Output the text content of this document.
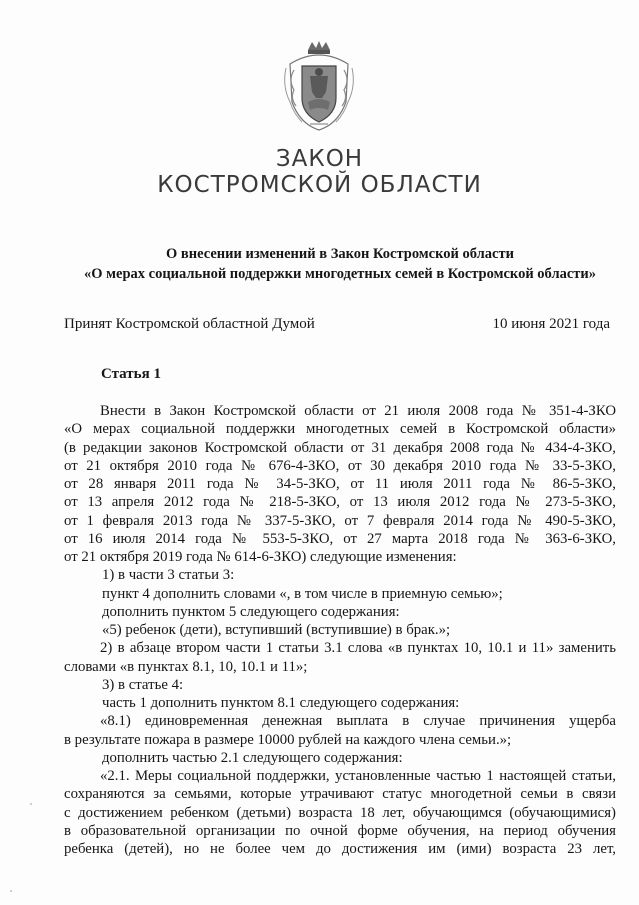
ЗАКОН
КОСТРОМСКОЙ ОБЛАСТИ
О внесении изменений в Закон Костромской области
«О мерах социальной поддержки многодетных семей в Костромской области»
Принят Костромской областной Думой	10 июня 2021 года
Статья 1

Внести в Закон Костромской области от 21 июля 2008 года № 351-4-ЗКО

«О мерах социальной поддержки многодетных семей в Костромской области»

(в редакции законов Костромской области от 31 декабря 2008 года № 434-4-ЗКО,

от 21 октября 2010 года № 676-4-ЗКО, от 30 декабря 2010 года № 33-5-ЗКО,

от 28 января 2011 года № 34-5-ЗКО, от 11 июля 2011 года № 86-5-ЗКО,

от 13 апреля 2012 года № 218-5-ЗКО, от 13 июля 2012 года № 273-5-ЗКО,

от 1 февраля 2013 года № 337-5-ЗКО, от 7 февраля 2014 года № 490-5-ЗКО,

от 16 июля 2014 года № 553-5-ЗКО, от 27 марта 2018 года № 363-6-ЗКО,

от 21 октября 2019 года № 614-6-ЗКО) следующие изменения:

1) в части 3 статьи 3:

пункт 4 дополнить словами «, в том числе в приемную семью»;

дополнить пунктом 5 следующего содержания:

«5) ребенок (дети), вступивший (вступившие) в брак.»;

2) в абзаце втором части 1 статьи 3.1 слова «в пунктах 10, 10.1 и 11» заменить

словами «в пунктах 8.1, 10, 10.1 и 11»;

3) в статье 4:

часть 1 дополнить пунктом 8.1 следующего содержания:

«8.1) единовременная денежная выплата в случае причинения ущерба

в результате пожара в размере 10000 рублей на каждого члена семьи.»;

дополнить частью 2.1 следующего содержания:

«2.1. Меры социальной поддержки, установленные частью 1 настоящей статьи,

сохраняются за семьями, которые утрачивают статус многодетной семьи в связи

с достижением ребенком (детьми) возраста 18 лет, обучающимся (обучающимися)

в образовательной организации по очной форме обучения, на период обучения

ребенка (детей), но не более чем до достижения им (ими) возраста 23 лет,
